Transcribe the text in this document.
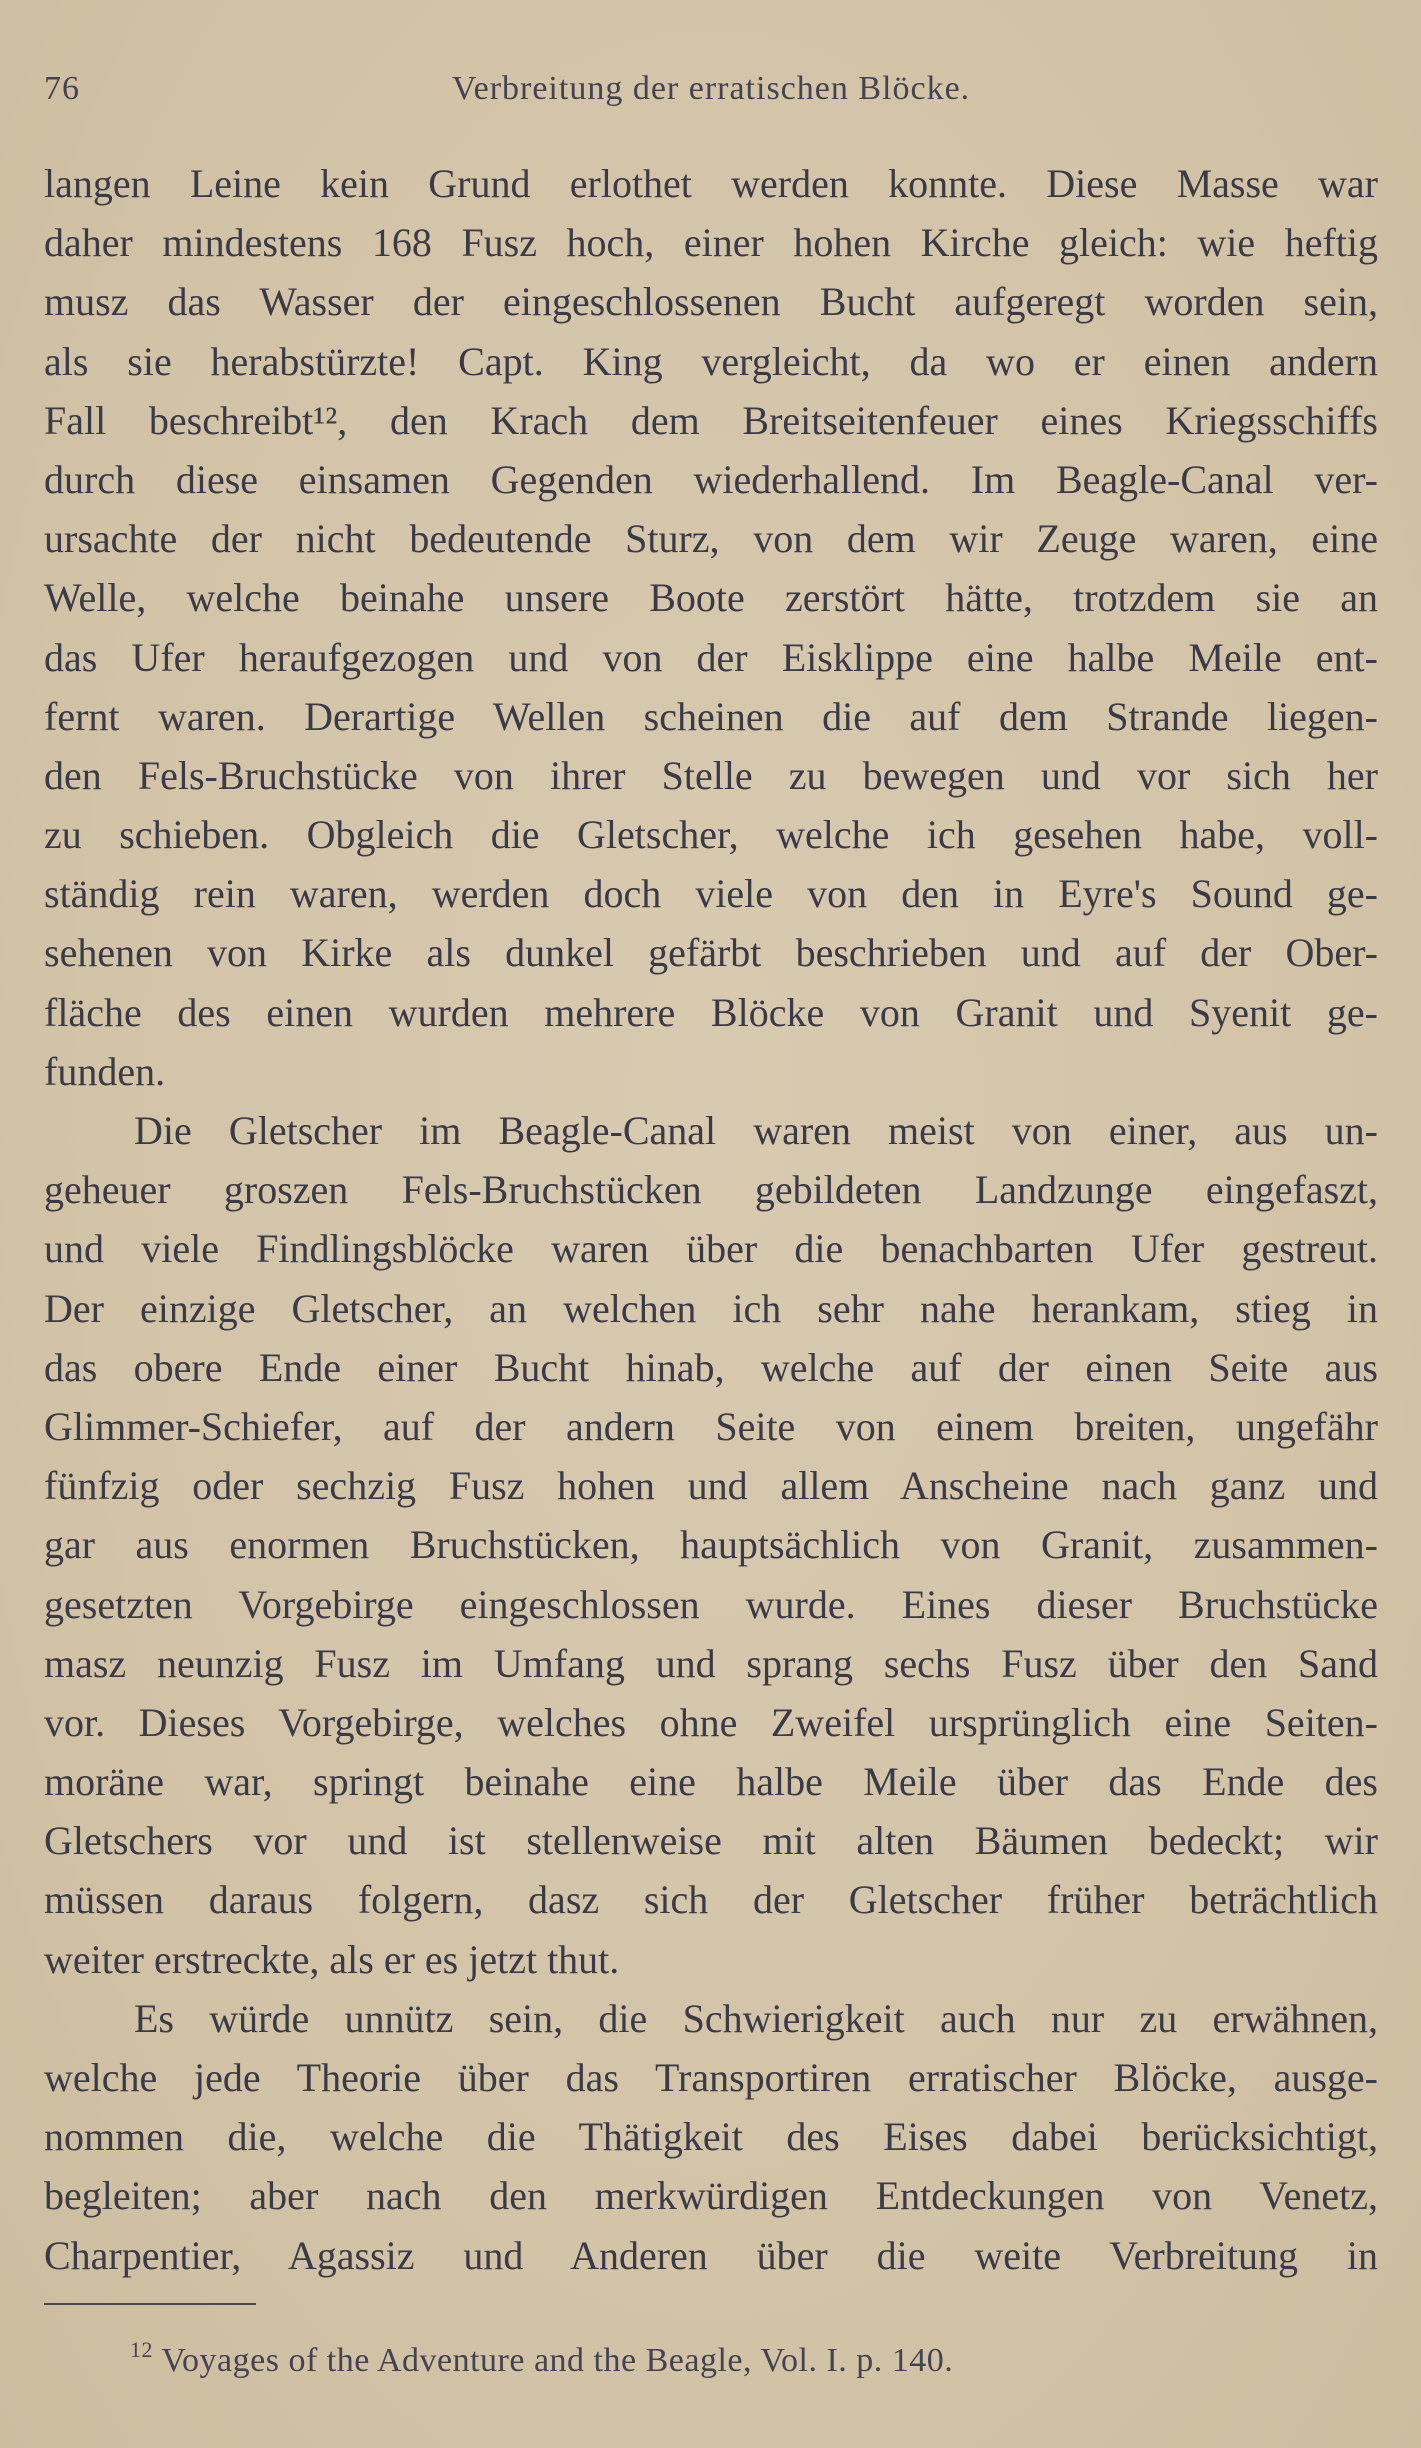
76	Verbreitung der erratischen Blöcke.
langen Leine kein Grund erlothet werden konnte. Diese Masse war
daher mindestens 168 Fusz hoch, einer hohen Kirche gleich: wie heftig
musz das Wasser der eingeschlossenen Bucht aufgeregt worden sein,
als sie herabstürzte! Capt. King vergleicht, da wo er einen andern
Fall beschreibt¹², den Krach dem Breitseitenfeuer eines Kriegsschiffs
durch diese einsamen Gegenden wiederhallend. Im Beagle-Canal ver-
ursachte der nicht bedeutende Sturz, von dem wir Zeuge waren, eine
Welle, welche beinahe unsere Boote zerstört hätte, trotzdem sie an
das Ufer heraufgezogen und von der Eisklippe eine halbe Meile ent-
fernt waren. Derartige Wellen scheinen die auf dem Strande liegen-
den Fels-Bruchstücke von ihrer Stelle zu bewegen und vor sich her
zu schieben. Obgleich die Gletscher, welche ich gesehen habe, voll-
ständig rein waren, werden doch viele von den in Eyre's Sound ge-
sehenen von Kirke als dunkel gefärbt beschrieben und auf der Ober-
fläche des einen wurden mehrere Blöcke von Granit und Syenit ge-
funden.
Die Gletscher im Beagle-Canal waren meist von einer, aus un-
geheuer groszen Fels-Bruchstücken gebildeten Landzunge eingefaszt,
und viele Findlingsblöcke waren über die benachbarten Ufer gestreut.
Der einzige Gletscher, an welchen ich sehr nahe herankam, stieg in
das obere Ende einer Bucht hinab, welche auf der einen Seite aus
Glimmer-Schiefer, auf der andern Seite von einem breiten, ungefähr
fünfzig oder sechzig Fusz hohen und allem Anscheine nach ganz und
gar aus enormen Bruchstücken, hauptsächlich von Granit, zusammen-
gesetzten Vorgebirge eingeschlossen wurde. Eines dieser Bruchstücke
masz neunzig Fusz im Umfang und sprang sechs Fusz über den Sand
vor. Dieses Vorgebirge, welches ohne Zweifel ursprünglich eine Seiten-
moräne war, springt beinahe eine halbe Meile über das Ende des
Gletschers vor und ist stellenweise mit alten Bäumen bedeckt; wir
müssen daraus folgern, dasz sich der Gletscher früher beträchtlich
weiter erstreckte, als er es jetzt thut.
Es würde unnütz sein, die Schwierigkeit auch nur zu erwähnen,
welche jede Theorie über das Transportiren erratischer Blöcke, ausge-
nommen die, welche die Thätigkeit des Eises dabei berücksichtigt,
begleiten; aber nach den merkwürdigen Entdeckungen von Venetz,
Charpentier, Agassiz und Anderen über die weite Verbreitung in
$^{12}$ Voyages of the Adventure and the Beagle, Vol. I. p. 140.
